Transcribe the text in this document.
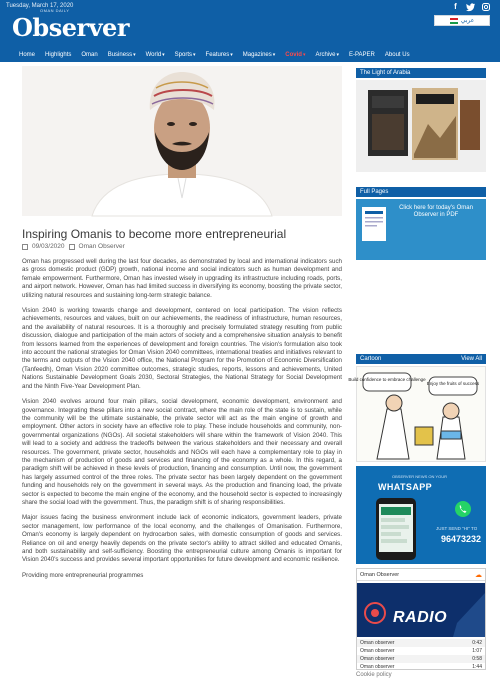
Tuesday, March 17, 2020
OMAN DAILY
Observer
f
عربي
Home Highlights Oman Business ▾ World ▾ Sports ▾ Features ▾ Magazines ▾ Covid ▾ Archive ▾ E-PAPER About Us
Inspiring Omanis to become more entrepreneurial
09/03/2020 Oman Observer

Oman has progressed well during the last four decades, as demonstrated by local and international indicators such as gross domestic product (GDP) growth, national income and social indicators such as human development and female empowerment. Furthermore, Oman has invested wisely in upgrading its infrastructure including roads, ports, and airport network. However, Oman has had limited success in diversifying its economy, boosting the private sector, utilizing natural resources and sustaining long-term strategic balance.

Vision 2040 is working towards change and development, centered on local participation. The vision reflects achievements, resources and values, built on our achievements, the readiness of infrastructure, human resources, and the availability of natural resources. It is a thoroughly and precisely formulated strategy resulting from public discussion, dialogue and participation of the main actors of society and a comprehensive situation analysis to benefit from lessons learned from the experiences of development and foreign countries. The vision's formulation also took into account the national strategies for Oman Vision 2040 committees, international treaties and initiatives relevant to the terms and outputs of the Vision 2040 office, the National Program for the Promotion of Economic Diversification (Tanfeedh), Oman Vision 2020 committee outcomes, strategic studies, reports, lessons and achievements, United Nations Sustainable Development Goals 2030, Sectoral Strategies, the National Strategy for Social Development and the Ninth Five-Year Development Plan.

Vision 2040 evolves around four main pillars, social development, economic development, environment and governance. Integrating these pillars into a new social contract, where the main role of the state is to sustain, while the community will be the ultimate sustainable, the private sector will act as the main engine of growth and employment. Other actors in society have an effective role to play. These include households and community, non-governmental organizations (NGOs). All societal stakeholders will share within the framework of Vision 2040. This will lead to a society and address the tradeoffs between the various stakeholders and their necessary and overall resources. The government, private sector, households and NGOs will each have a complementary role to play in the mechanism of production of goods and services and financing of the economy as a whole. In this regard, a paradigm shift will be achieved in these levels of production, financing and consumption. Until now, the government has largely assumed control of the three roles. The private sector has been largely dependent on the government funding and households rely on the government in several ways. As the production and financing load, the private sector is expected to become the main engine of the economy, and the household sector is expected to increasingly share the social load with the government. Thus, the paradigm shift is of sharing responsibilities.

Major issues facing the business environment include lack of economic indicators, government leaders, private sector management, low performance of the local economy, and the challenges of Omanisation. Furthermore, Oman's economy is largely dependent on hydrocarbon sales, with domestic consumption of goods and services. Reliance on oil and energy heavily depends on the private sector's ability to attract skilled and educated Omanis, and both sustainability and self-sufficiency. Boosting the entrepreneurial culture among Omanis is important for Vision 2040's success and provides several important opportunities for future development and economic resilience.

Providing more entrepreneurial programmes

The Light of Arabia
Full Pages
Click here for today's Oman Observer in PDF
Cartoon	View All
Build confidence to embrace challenge
Enjoy the fruits of success
OBSERVER NEWS ON YOUR
WHATSAPP
JUST SEND "HI" TO
96473232
Oman Observer	☁
RADIO
Oman observer	0:42
Oman observer	1:07
Oman observer	0:58
Oman observer	1:44
Cookie policy
